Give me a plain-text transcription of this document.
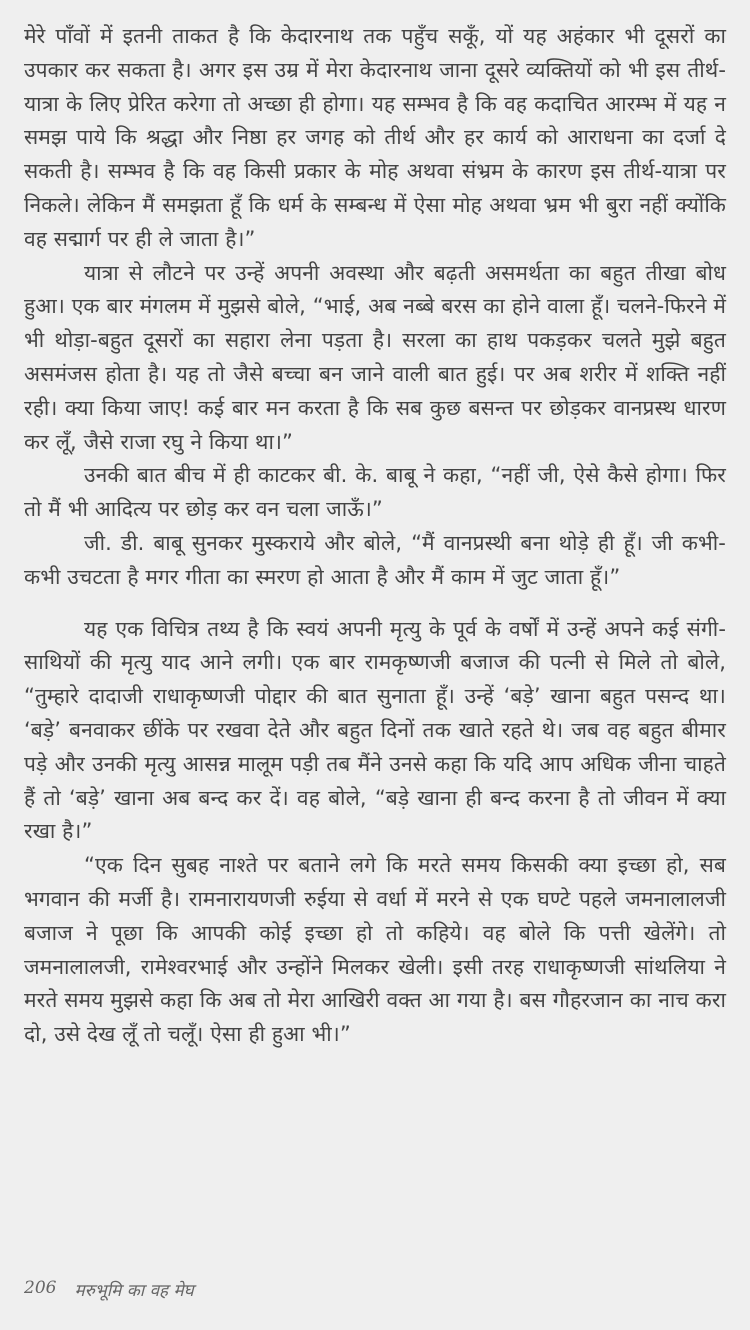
मेरे पाँवों में इतनी ताकत है कि केदारनाथ तक पहुँच सकूँ, यों यह अहंकार भी दूसरों का उपकार कर सकता है। अगर इस उम्र में मेरा केदारनाथ जाना दूसरे व्यक्तियों को भी इस तीर्थ-यात्रा के लिए प्रेरित करेगा तो अच्छा ही होगा। यह सम्भव है कि वह कदाचित आरम्भ में यह न समझ पाये कि श्रद्धा और निष्ठा हर जगह को तीर्थ और हर कार्य को आराधना का दर्जा दे सकती है। सम्भव है कि वह किसी प्रकार के मोह अथवा संभ्रम के कारण इस तीर्थ-यात्रा पर निकले। लेकिन मैं समझता हूँ कि धर्म के सम्बन्ध में ऐसा मोह अथवा भ्रम भी बुरा नहीं क्योंकि वह सद्मार्ग पर ही ले जाता है।”

यात्रा से लौटने पर उन्हें अपनी अवस्था और बढ़ती असमर्थता का बहुत तीखा बोध हुआ। एक बार मंगलम में मुझसे बोले, “भाई, अब नब्बे बरस का होने वाला हूँ। चलने-फिरने में भी थोड़ा-बहुत दूसरों का सहारा लेना पड़ता है। सरला का हाथ पकड़कर चलते मुझे बहुत असमंजस होता है। यह तो जैसे बच्चा बन जाने वाली बात हुई। पर अब शरीर में शक्ति नहीं रही। क्या किया जाए! कई बार मन करता है कि सब कुछ बसन्त पर छोड़कर वानप्रस्थ धारण कर लूँ, जैसे राजा रघु ने किया था।”

उनकी बात बीच में ही काटकर बी. के. बाबू ने कहा, “नहीं जी, ऐसे कैसे होगा। फिर तो मैं भी आदित्य पर छोड़ कर वन चला जाऊँ।”

जी. डी. बाबू सुनकर मुस्कराये और बोले, “मैं वानप्रस्थी बना थोड़े ही हूँ। जी कभी-कभी उचटता है मगर गीता का स्मरण हो आता है और मैं काम में जुट जाता हूँ।”

यह एक विचित्र तथ्य है कि स्वयं अपनी मृत्यु के पूर्व के वर्षों में उन्हें अपने कई संगी-साथियों की मृत्यु याद आने लगी। एक बार रामकृष्णजी बजाज की पत्नी से मिले तो बोले, “तुम्हारे दादाजी राधाकृष्णजी पोद्दार की बात सुनाता हूँ। उन्हें ‘बड़े’ खाना बहुत पसन्द था। ‘बड़े’ बनवाकर छींके पर रखवा देते और बहुत दिनों तक खाते रहते थे। जब वह बहुत बीमार पड़े और उनकी मृत्यु आसन्न मालूम पड़ी तब मैंने उनसे कहा कि यदि आप अधिक जीना चाहते हैं तो ‘बड़े’ खाना अब बन्द कर दें। वह बोले, “बड़े खाना ही बन्द करना है तो जीवन में क्या रखा है।”

“एक दिन सुबह नाश्ते पर बताने लगे कि मरते समय किसकी क्या इच्छा हो, सब भगवान की मर्जी है। रामनारायणजी रुईया से वर्धा में मरने से एक घण्टे पहले जमनालालजी बजाज ने पूछा कि आपकी कोई इच्छा हो तो कहिये। वह बोले कि पत्ती खेलेंगे। तो जमनालालजी, रामेश्वरभाई और उन्होंने मिलकर खेली। इसी तरह राधाकृष्णजी सांथलिया ने मरते समय मुझसे कहा कि अब तो मेरा आखिरी वक्त आ गया है। बस गौहरजान का नाच करा दो, उसे देख लूँ तो चलूँ। ऐसा ही हुआ भी।”

206 मरुभूमि का वह मेघ
